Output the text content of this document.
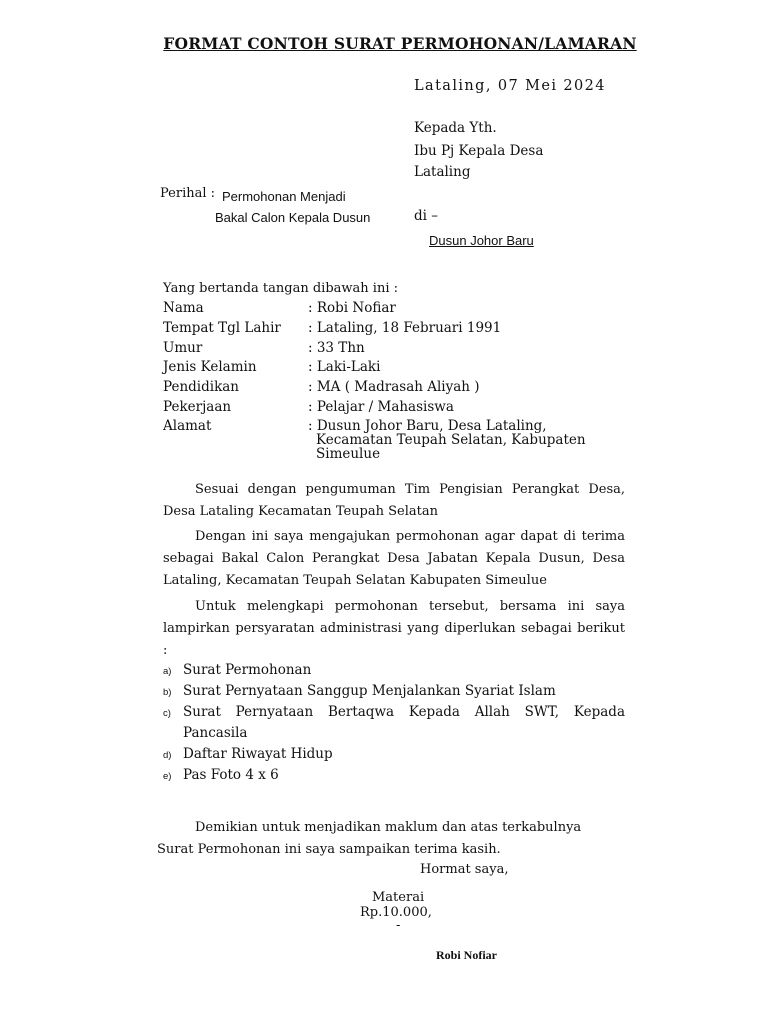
FORMAT CONTOH SURAT PERMOHONAN/LAMARAN
Lataling, 07 Mei 2024
Kepada Yth.
Ibu Pj Kepala Desa
Lataling
Perihal : Permohonan Menjadi
Bakal Calon Kepala Dusun	di –
Dusun Johor Baru
Yang bertanda tangan dibawah ini :
Nama	: Robi Nofiar
Tempat Tgl Lahir : Lataling, 18 Februari 1991
Umur	: 33 Thn
Jenis Kelamin	: Laki-Laki
Pendidikan	: MA ( Madrasah Aliyah )
Pekerjaan	: Pelajar / Mahasiswa
Alamat	: Dusun Johor Baru, Desa Lataling,
Kecamatan Teupah Selatan, Kabupaten
Simeulue
Sesuai dengan pengumuman Tim Pengisian Perangkat Desa, Desa Lataling Kecamatan Teupah Selatan
Dengan ini saya mengajukan permohonan agar dapat di terima sebagai Bakal Calon Perangkat Desa Jabatan Kepala Dusun, Desa Lataling, Kecamatan Teupah Selatan Kabupaten Simeulue
Untuk melengkapi permohonan tersebut, bersama ini saya lampirkan persyaratan administrasi yang diperlukan sebagai berikut :
a) Surat Permohonan
b) Surat Pernyataan Sanggup Menjalankan Syariat Islam
c) Surat Pernyataan Bertaqwa Kepada Allah SWT, Kepada
Pancasila
d) Daftar Riwayat Hidup
e) Pas Foto 4 x 6
Demikian untuk menjadikan maklum dan atas terkabulnya
Surat Permohonan ini saya sampaikan terima kasih.
Hormat saya,
Materai
Rp.10.000,
-
Robi Nofiar
